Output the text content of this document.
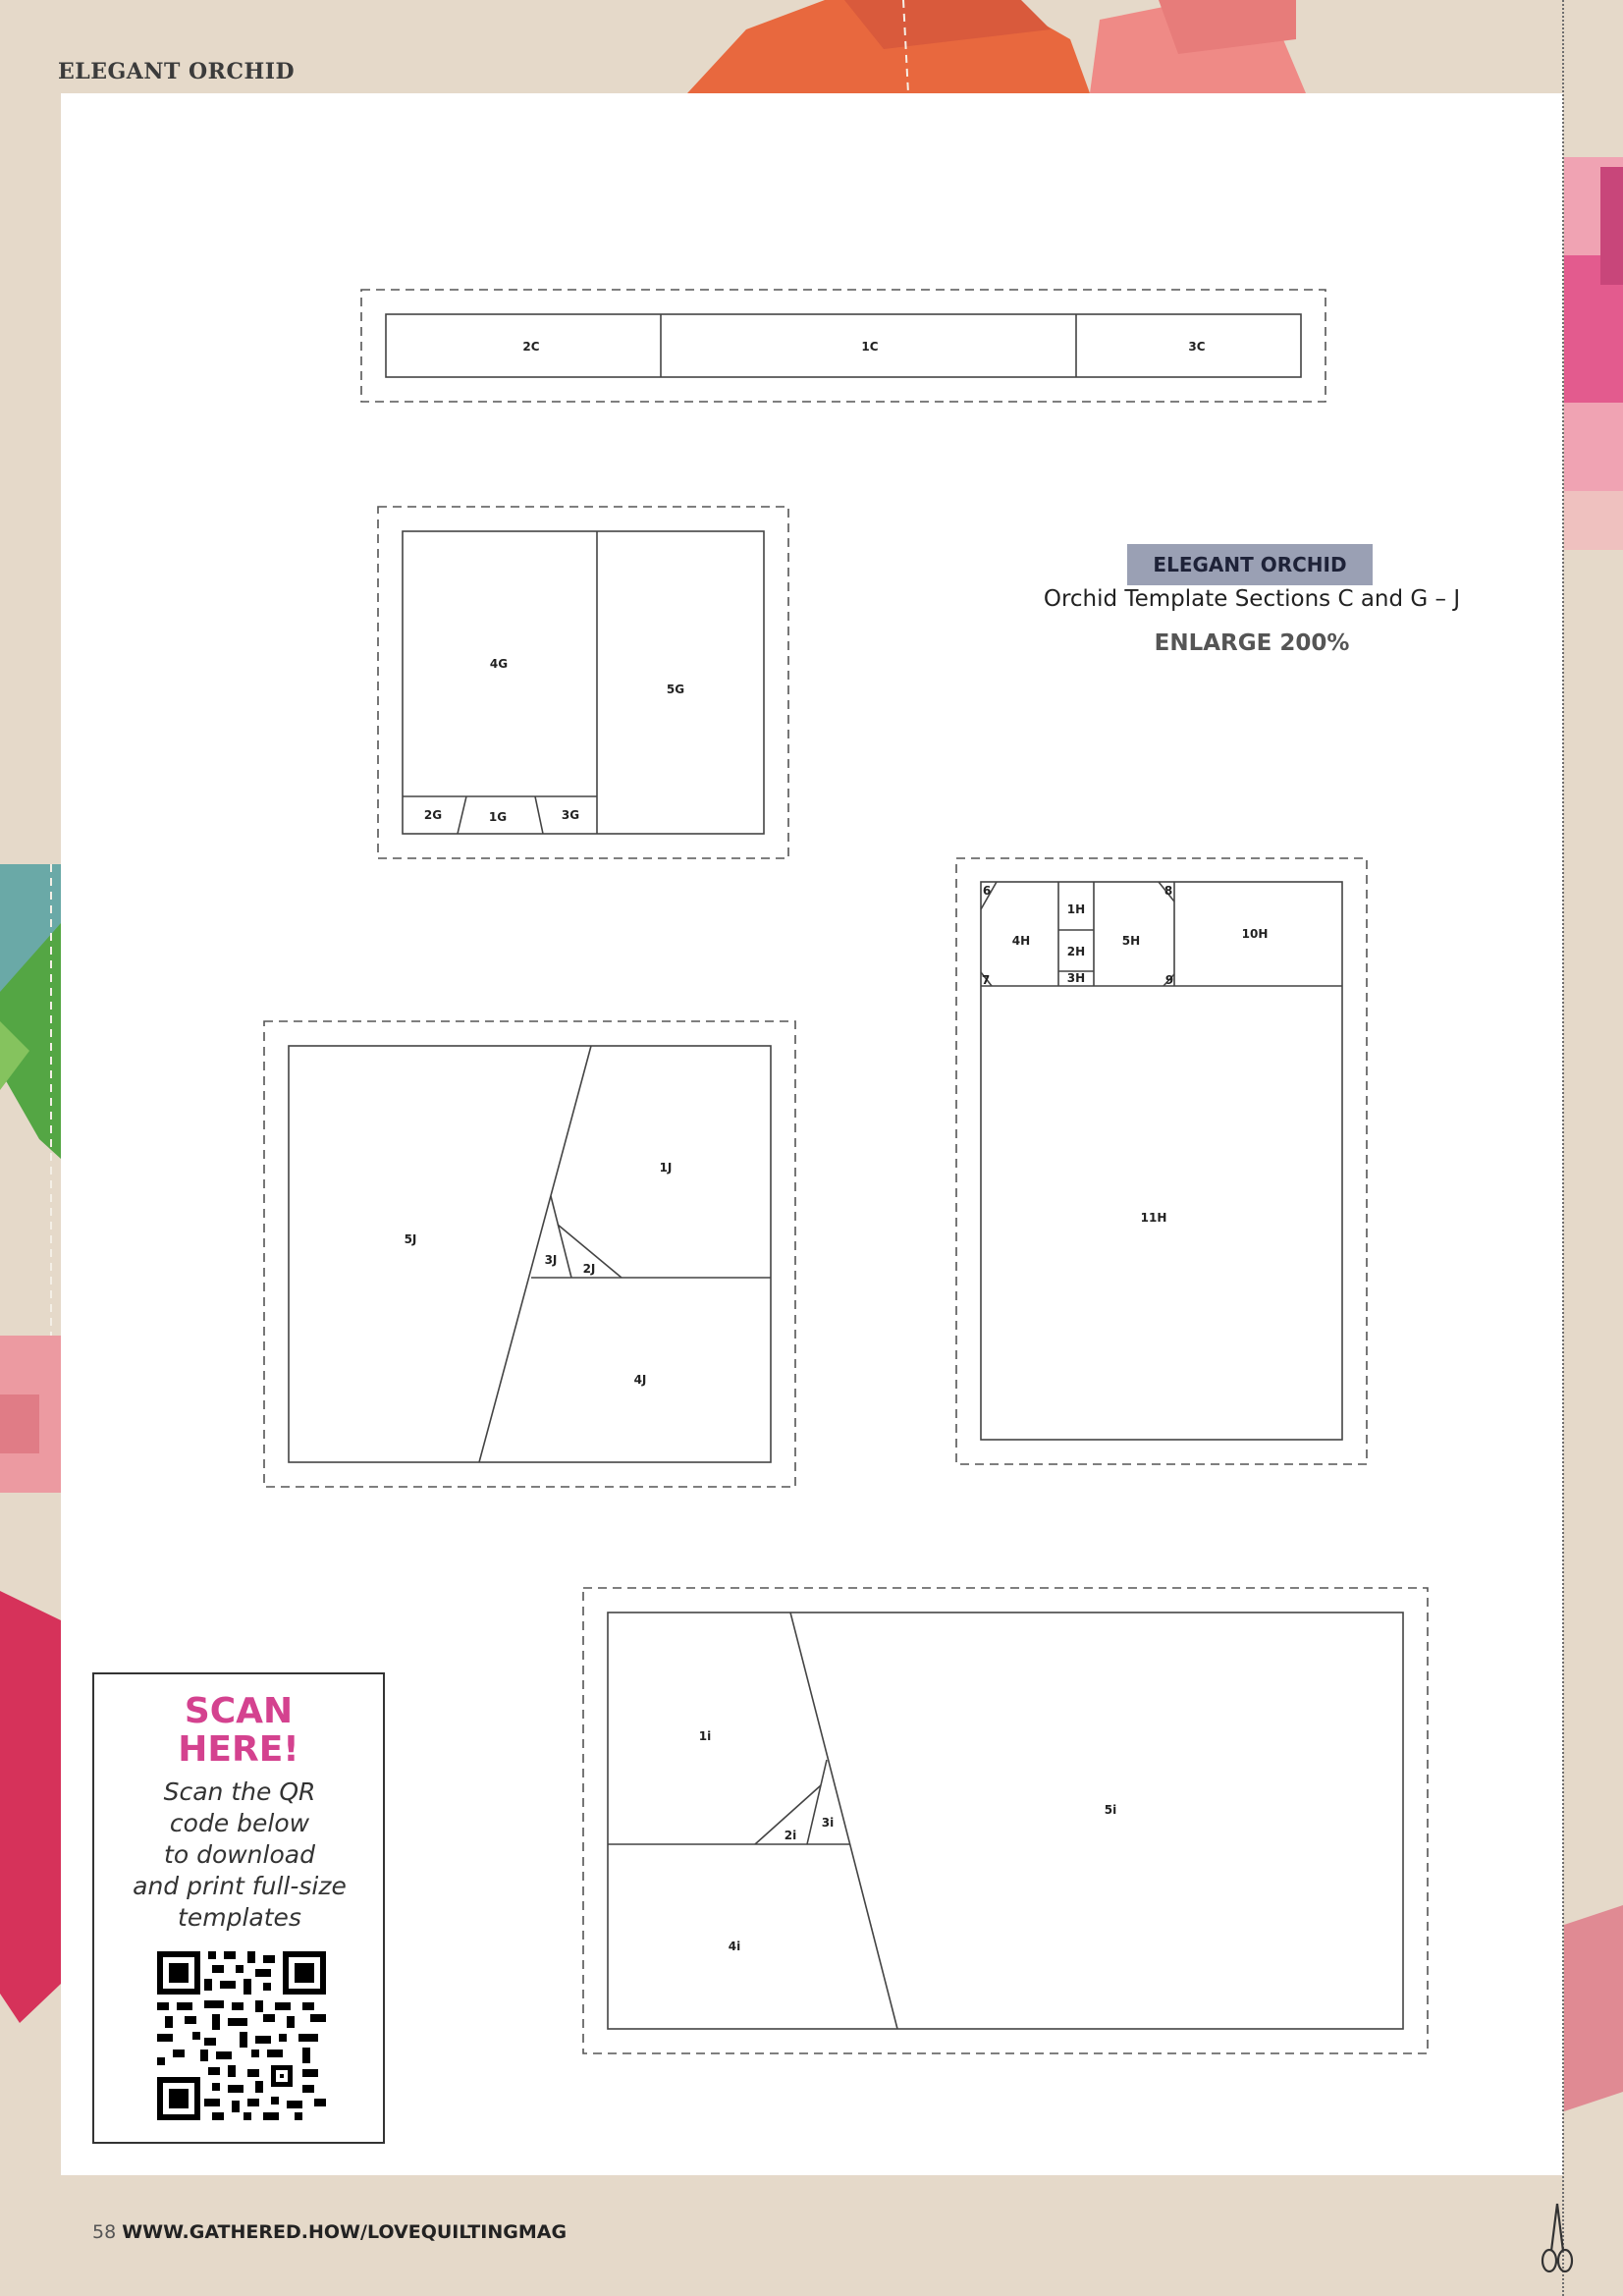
ELEGANT ORCHID
2C	1C	3C
4G
5G
2G	1G	3G
6
1H
8
4H
2H
5H	10H
3H
7	9
11H
1J
5J
3J
2J
4J
1i
3i
2i
5i
4i
ELEGANT ORCHID
Orchid Template Sections C and G – J
ENLARGE 200%
SCAN
HERE!
Scan the QR
code below
to download
and print full-size
templates
58 WWW.GATHERED.HOW/LOVEQUILTINGMAG
